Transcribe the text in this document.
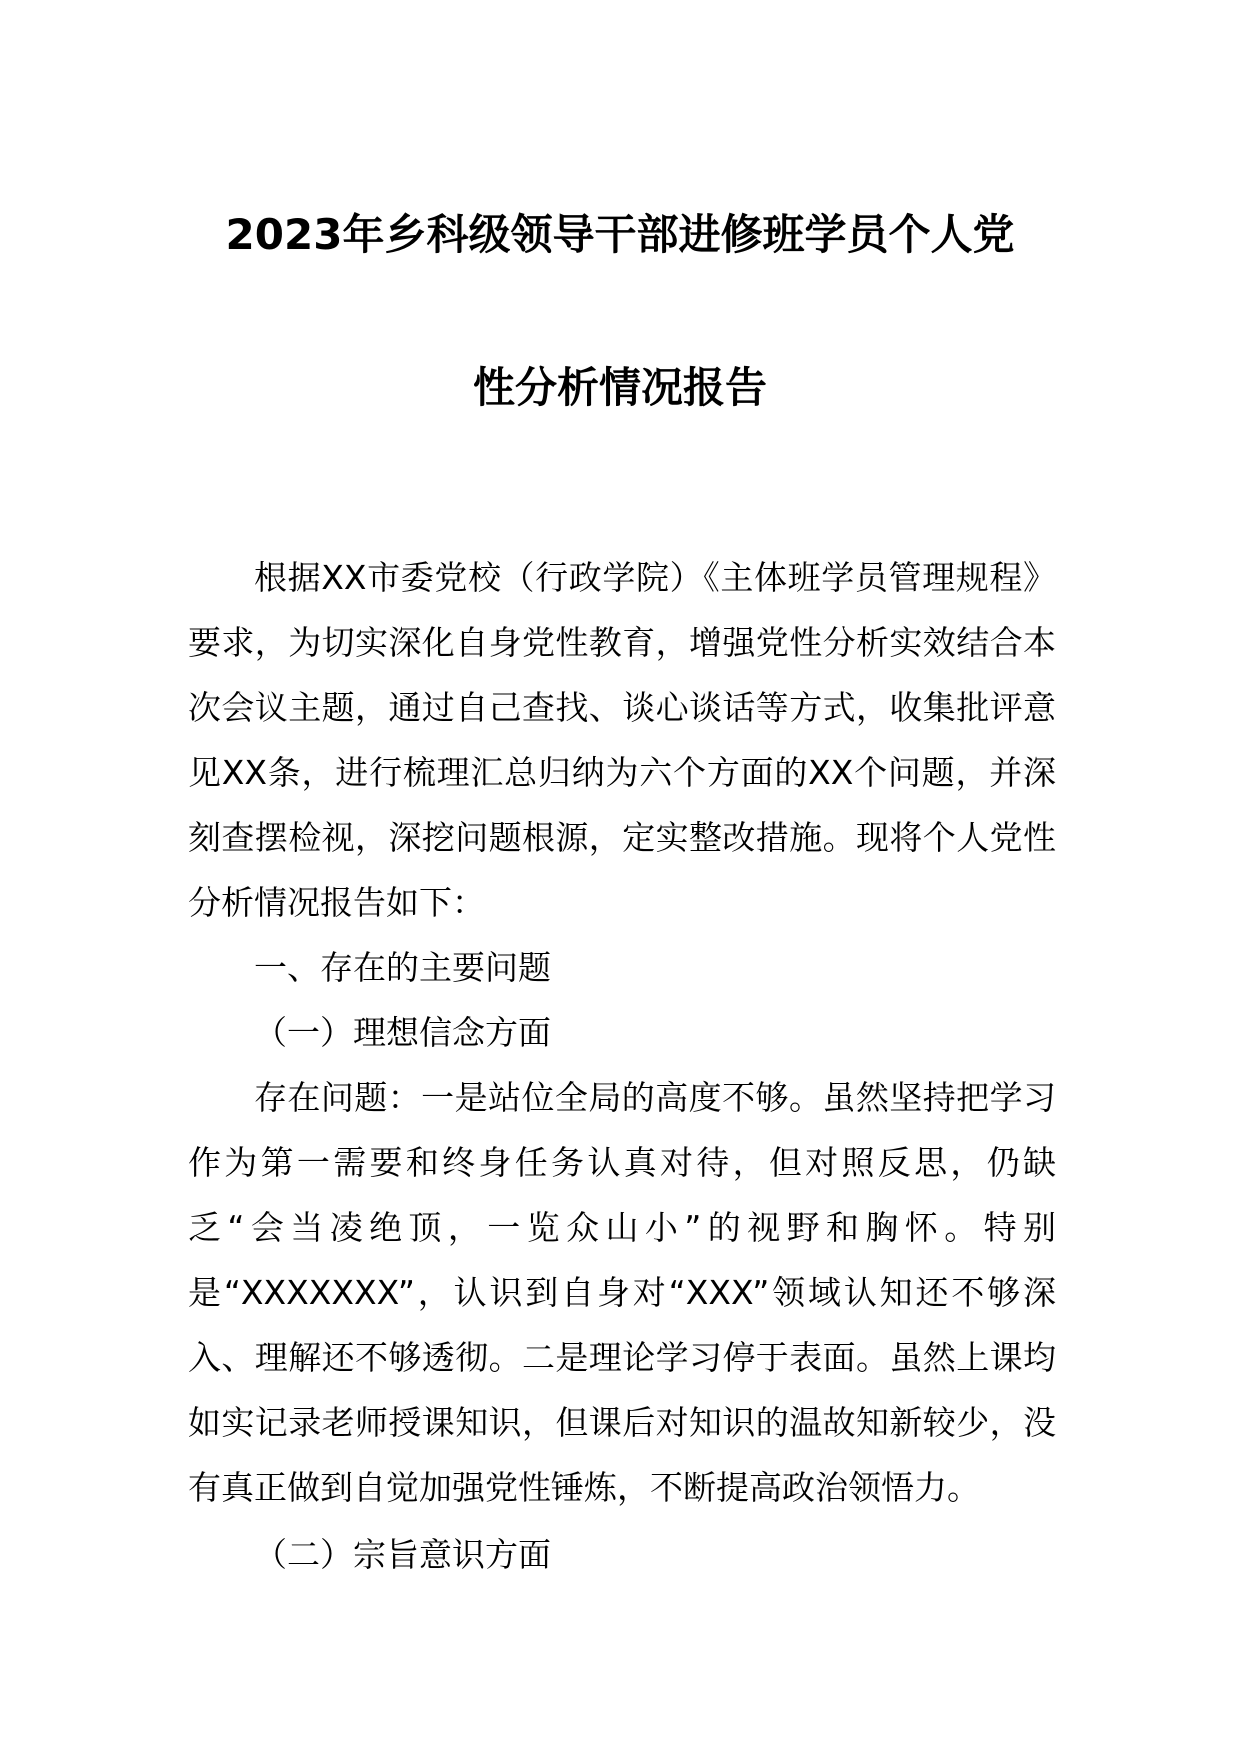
2023年乡科级领导干部进修班学员个人党
性分析情况报告

根据XX市委党校（行政学院）《主体班学员管理规程》要求，为切实深化自身党性教育，增强党性分析实效结合本次会议主题，通过自己查找、谈心谈话等方式，收集批评意见XX条，进行梳理汇总归纳为六个方面的XX个问题，并深刻查摆检视，深挖问题根源，定实整改措施。现将个人党性分析情况报告如下：

一、存在的主要问题

（一）理想信念方面

存在问题：一是站位全局的高度不够。虽然坚持把学习作为第一需要和终身任务认真对待，但对照反思，仍缺乏“会当凌绝顶，一览众山小”的视野和胸怀。特别是“XXXXXXX”，认识到自身对“XXX”领域认知还不够深入、理解还不够透彻。二是理论学习停于表面。虽然上课均如实记录老师授课知识，但课后对知识的温故知新较少，没有真正做到自觉加强党性锤炼，不断提高政治领悟力。

（二）宗旨意识方面
